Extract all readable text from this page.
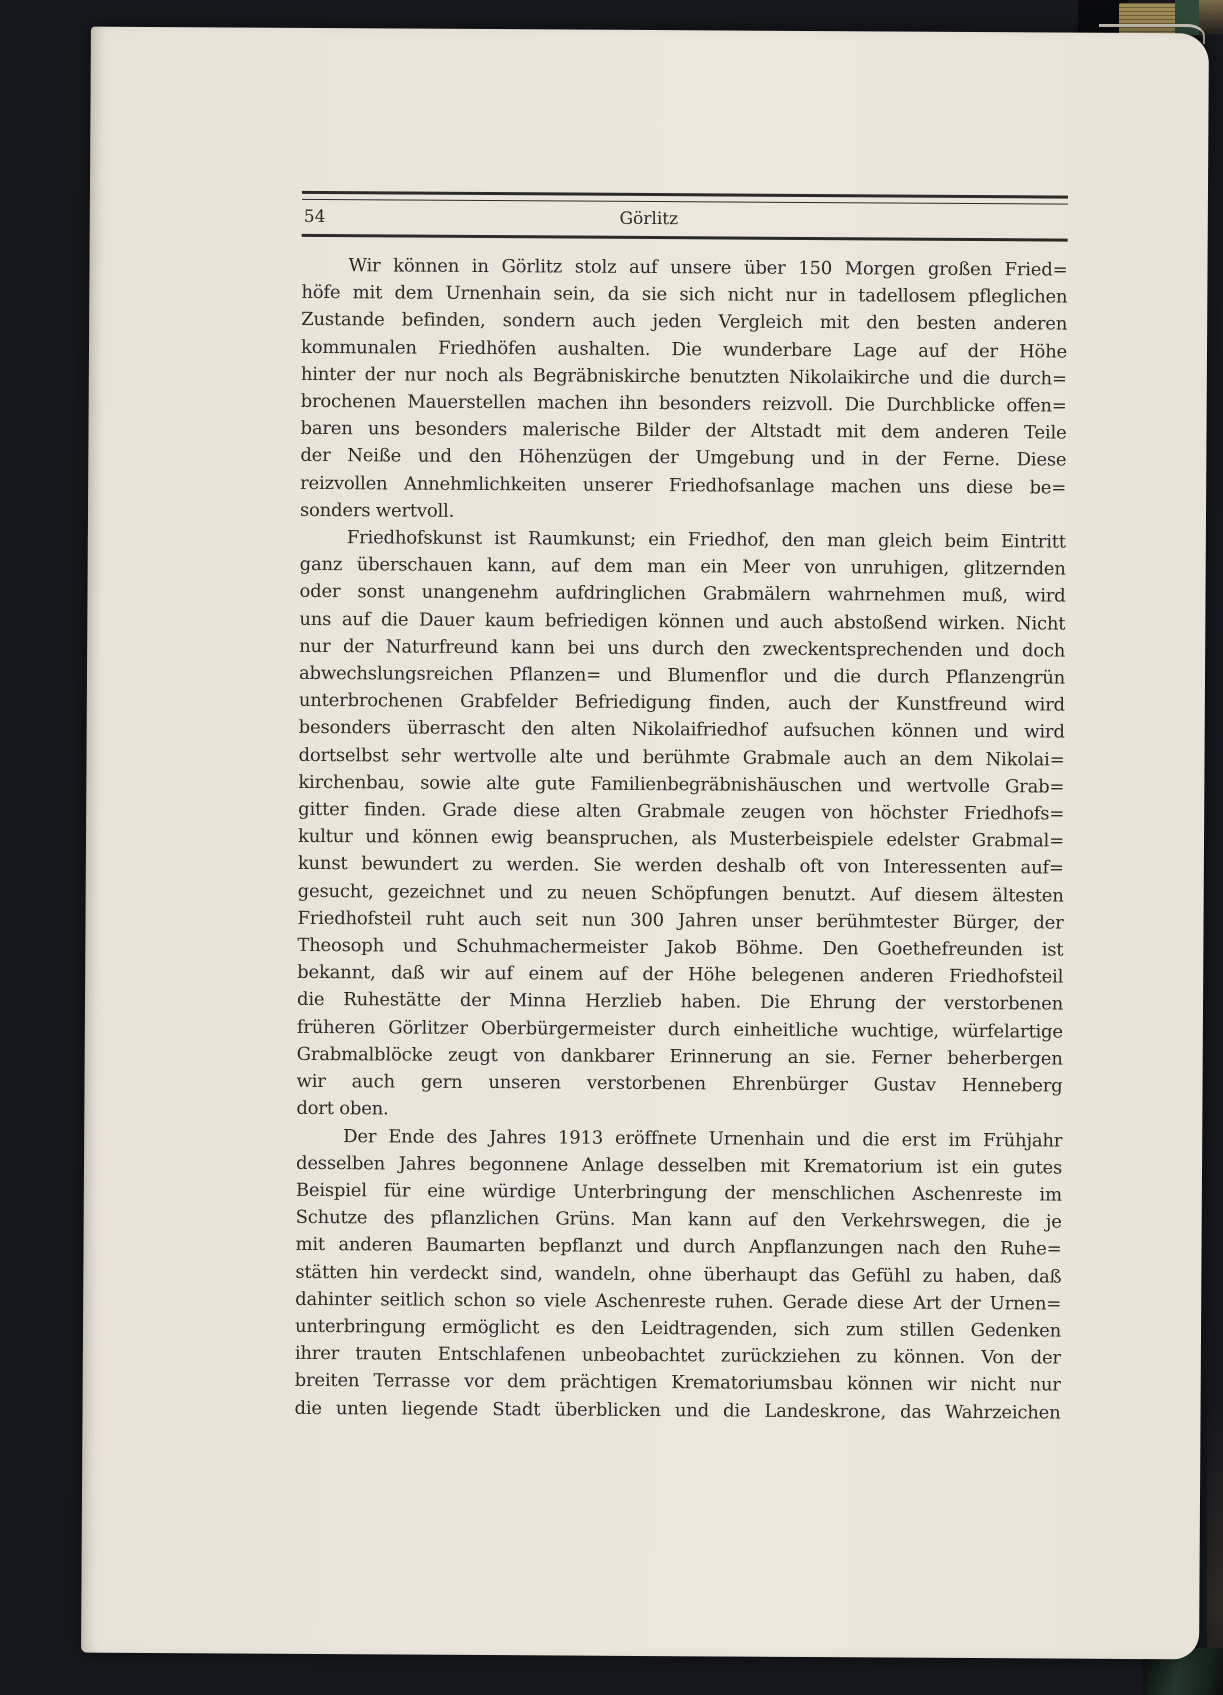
54	Görlitz
Wir können in Görlitz stolz auf unsere über 150 Morgen großen Fried=
höfe mit dem Urnenhain sein, da sie sich nicht nur in tadellosem pfleglichen
Zustande befinden, sondern auch jeden Vergleich mit den besten anderen
kommunalen Friedhöfen aushalten. Die wunderbare Lage auf der Höhe
hinter der nur noch als Begräbniskirche benutzten Nikolaikirche und die durch=
brochenen Mauerstellen machen ihn besonders reizvoll. Die Durchblicke offen=
baren uns besonders malerische Bilder der Altstadt mit dem anderen Teile
der Neiße und den Höhenzügen der Umgebung und in der Ferne. Diese
reizvollen Annehmlichkeiten unserer Friedhofsanlage machen uns diese be=
sonders wertvoll.
Friedhofskunst ist Raumkunst; ein Friedhof, den man gleich beim Eintritt
ganz überschauen kann, auf dem man ein Meer von unruhigen, glitzernden
oder sonst unangenehm aufdringlichen Grabmälern wahrnehmen muß, wird
uns auf die Dauer kaum befriedigen können und auch abstoßend wirken. Nicht
nur der Naturfreund kann bei uns durch den zweckentsprechenden und doch
abwechslungsreichen Pflanzen= und Blumenflor und die durch Pflanzengrün
unterbrochenen Grabfelder Befriedigung finden, auch der Kunstfreund wird
besonders überrascht den alten Nikolaifriedhof aufsuchen können und wird
dortselbst sehr wertvolle alte und berühmte Grabmale auch an dem Nikolai=
kirchenbau, sowie alte gute Familienbegräbnishäuschen und wertvolle Grab=
gitter finden. Grade diese alten Grabmale zeugen von höchster Friedhofs=
kultur und können ewig beanspruchen, als Musterbeispiele edelster Grabmal=
kunst bewundert zu werden. Sie werden deshalb oft von Interessenten auf=
gesucht, gezeichnet und zu neuen Schöpfungen benutzt. Auf diesem ältesten
Friedhofsteil ruht auch seit nun 300 Jahren unser berühmtester Bürger, der
Theosoph und Schuhmachermeister Jakob Böhme. Den Goethefreunden ist
bekannt, daß wir auf einem auf der Höhe belegenen anderen Friedhofsteil
die Ruhestätte der Minna Herzlieb haben. Die Ehrung der verstorbenen
früheren Görlitzer Oberbürgermeister durch einheitliche wuchtige, würfelartige
Grabmalblöcke zeugt von dankbarer Erinnerung an sie. Ferner beherbergen
wir auch gern unseren verstorbenen Ehrenbürger Gustav Henneberg
dort oben.
Der Ende des Jahres 1913 eröffnete Urnenhain und die erst im Frühjahr
desselben Jahres begonnene Anlage desselben mit Krematorium ist ein gutes
Beispiel für eine würdige Unterbringung der menschlichen Aschenreste im
Schutze des pflanzlichen Grüns. Man kann auf den Verkehrswegen, die je
mit anderen Baumarten bepflanzt und durch Anpflanzungen nach den Ruhe=
stätten hin verdeckt sind, wandeln, ohne überhaupt das Gefühl zu haben, daß
dahinter seitlich schon so viele Aschenreste ruhen. Gerade diese Art der Urnen=
unterbringung ermöglicht es den Leidtragenden, sich zum stillen Gedenken
ihrer trauten Entschlafenen unbeobachtet zurückziehen zu können. Von der
breiten Terrasse vor dem prächtigen Krematoriumsbau können wir nicht nur
die unten liegende Stadt überblicken und die Landeskrone, das Wahrzeichen
